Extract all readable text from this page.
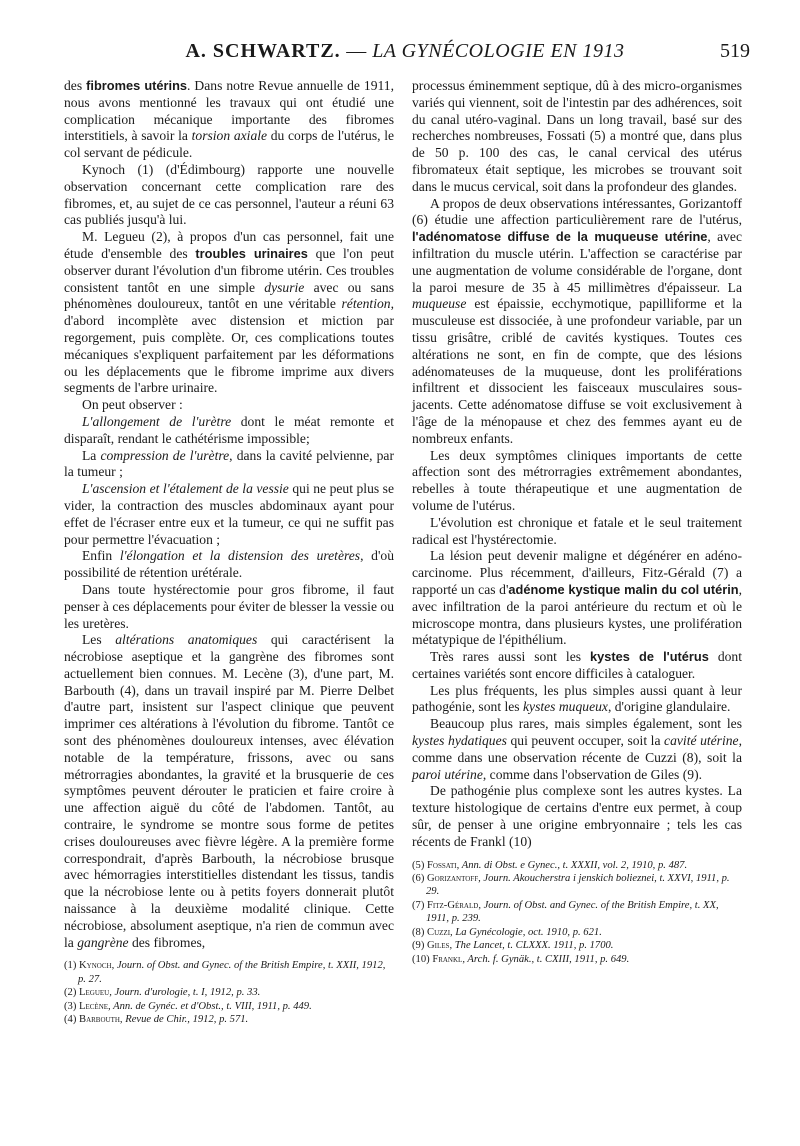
A. SCHWARTZ. — LA GYNÉCOLOGIE EN 1913	519

des fibromes utérins. Dans notre Revue annuelle de 1911, nous avons mentionné les travaux qui ont étudié une complication mécanique importante des fibromes interstitiels, à savoir la torsion axiale du corps de l'utérus, le col servant de pédicule.

Kynoch (1) (d'Édimbourg) rapporte une nouvelle observation concernant cette complication rare des fibromes, et, au sujet de ce cas personnel, l'auteur a réuni 63 cas publiés jusqu'à lui.

M. Legueu (2), à propos d'un cas personnel, fait une étude d'ensemble des troubles urinaires que l'on peut observer durant l'évolution d'un fibrome utérin. Ces troubles consistent tantôt en une simple dysurie avec ou sans phénomènes douloureux, tantôt en une véritable rétention, d'abord incomplète avec distension et miction par regorgement, puis complète. Or, ces complications toutes mécaniques s'expliquent parfaitement par les déformations ou les déplacements que le fibrome imprime aux divers segments de l'arbre urinaire.

On peut observer :

L'allongement de l'urètre dont le méat remonte et disparaît, rendant le cathétérisme impossible;

La compression de l'urètre, dans la cavité pelvienne, par la tumeur ;

L'ascension et l'étalement de la vessie qui ne peut plus se vider, la contraction des muscles abdominaux ayant pour effet de l'écraser entre eux et la tumeur, ce qui ne suffit pas pour permettre l'évacuation ;

Enfin l'élongation et la distension des uretères, d'où possibilité de rétention urétérale.

Dans toute hystérectomie pour gros fibrome, il faut penser à ces déplacements pour éviter de blesser la vessie ou les uretères.

Les altérations anatomiques qui caractérisent la nécrobiose aseptique et la gangrène des fibromes sont actuellement bien connues. M. Lecène (3), d'une part, M. Barbouth (4), dans un travail inspiré par M. Pierre Delbet d'autre part, insistent sur l'aspect clinique que peuvent imprimer ces altérations à l'évolution du fibrome. Tantôt ce sont des phénomènes douloureux intenses, avec élévation notable de la température, frissons, avec ou sans métrorragies abondantes, la gravité et la brusquerie de ces symptômes peuvent dérouter le praticien et faire croire à une affection aiguë du côté de l'abdomen. Tantôt, au contraire, le syndrome se montre sous forme de petites crises douloureuses avec fièvre légère. A la première forme correspondrait, d'après Barbouth, la nécrobiose brusque avec hémorragies interstitielles distendant les tissus, tandis que la nécrobiose lente ou à petits foyers donnerait plutôt naissance à la deuxième modalité clinique. Cette nécrobiose, absolument aseptique, n'a rien de commun avec la gangrène des fibromes,

(1) Kynoch, Journ. of Obst. and Gynec. of the British Empire, t. XXII, 1912, p. 27.
(2) Legueu, Journ. d'urologie, t. I, 1912, p. 33.
(3) Lecène, Ann. de Gynéc. et d'Obst., t. VIII, 1911, p. 449.
(4) Barbouth, Revue de Chir., 1912, p. 571.

processus éminemment septique, dû à des micro-organismes variés qui viennent, soit de l'intestin par des adhérences, soit du canal utéro-vaginal. Dans un long travail, basé sur des recherches nombreuses, Fossati (5) a montré que, dans plus de 50 p. 100 des cas, le canal cervical des utérus fibromateux était septique, les microbes se trouvant soit dans le mucus cervical, soit dans la profondeur des glandes.

A propos de deux observations intéressantes, Gorizantoff (6) étudie une affection particulièrement rare de l'utérus, l'adénomatose diffuse de la muqueuse utérine, avec infiltration du muscle utérin. L'affection se caractérise par une augmentation de volume considérable de l'organe, dont la paroi mesure de 35 à 45 millimètres d'épaisseur. La muqueuse est épaissie, ecchymotique, papilliforme et la musculeuse est dissociée, à une profondeur variable, par un tissu grisâtre, criblé de cavités kystiques. Toutes ces altérations ne sont, en fin de compte, que des lésions adénomateuses de la muqueuse, dont les proliférations infiltrent et dissocient les faisceaux musculaires sous-jacents. Cette adénomatose diffuse se voit exclusivement à l'âge de la ménopause et chez des femmes ayant eu de nombreux enfants.

Les deux symptômes cliniques importants de cette affection sont des métrorragies extrêmement abondantes, rebelles à toute thérapeutique et une augmentation de volume de l'utérus.

L'évolution est chronique et fatale et le seul traitement radical est l'hystérectomie.

La lésion peut devenir maligne et dégénérer en adéno-carcinome. Plus récemment, d'ailleurs, Fitz-Gérald (7) a rapporté un cas d'adénome kystique malin du col utérin, avec infiltration de la paroi antérieure du rectum et où le microscope montra, dans plusieurs kystes, une prolifération métatypique de l'épithélium.

Très rares aussi sont les kystes de l'utérus dont certaines variétés sont encore difficiles à cataloguer.

Les plus fréquents, les plus simples aussi quant à leur pathogénie, sont les kystes muqueux, d'origine glandulaire.

Beaucoup plus rares, mais simples également, sont les kystes hydatiques qui peuvent occuper, soit la cavité utérine, comme dans une observation récente de Cuzzi (8), soit la paroi utérine, comme dans l'observation de Giles (9).

De pathogénie plus complexe sont les autres kystes. La texture histologique de certains d'entre eux permet, à coup sûr, de penser à une origine embryonnaire ; tels les cas récents de Frankl (10)

(5) Fossati, Ann. di Obst. e Gynec., t. XXXII, vol. 2, 1910, p. 487.
(6) Gorizantoff, Journ. Akoucherstra i jenskich bolieznei, t. XXVI, 1911, p. 29.
(7) Fitz-Gérald, Journ. of Obst. and Gynec. of the British Empire, t. XX, 1911, p. 239.
(8) Cuzzi, La Gynécologie, oct. 1910, p. 621.
(9) Giles, The Lancet, t. CLXXX. 1911, p. 1700.
(10) Frankl, Arch. f. Gynäk., t. CXIII, 1911, p. 649.
